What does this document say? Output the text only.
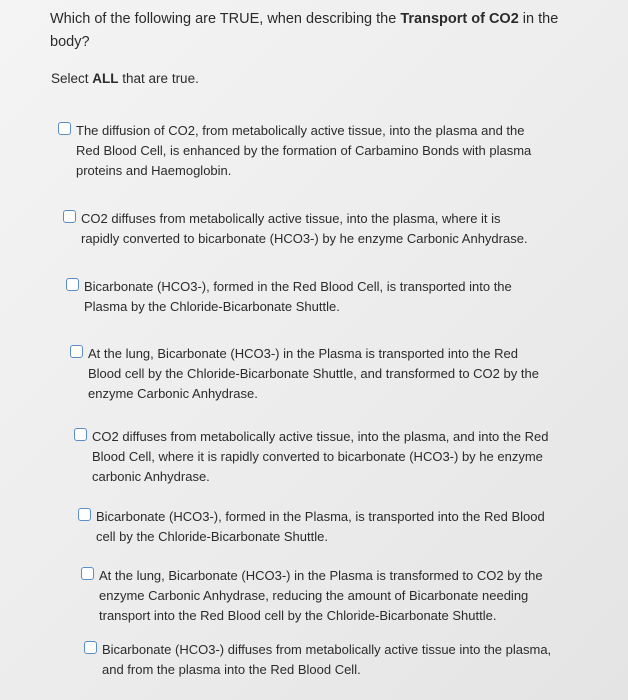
Which of the following are TRUE, when describing the Transport of CO2 in the
body?
Select ALL that are true.
The diffusion of CO2, from metabolically active tissue, into the plasma and the
Red Blood Cell, is enhanced by the formation of Carbamino Bonds with plasma
proteins and Haemoglobin.
CO2 diffuses from metabolically active tissue, into the plasma, where it is
rapidly converted to bicarbonate (HCO3-) by he enzyme Carbonic Anhydrase.
Bicarbonate (HCO3-), formed in the Red Blood Cell, is transported into the
Plasma by the Chloride-Bicarbonate Shuttle.
At the lung, Bicarbonate (HCO3-) in the Plasma is transported into the Red
Blood cell by the Chloride-Bicarbonate Shuttle, and transformed to CO2 by the
enzyme Carbonic Anhydrase.
CO2 diffuses from metabolically active tissue, into the plasma, and into the Red
Blood Cell, where it is rapidly converted to bicarbonate (HCO3-) by he enzyme
carbonic Anhydrase.
Bicarbonate (HCO3-), formed in the Plasma, is transported into the Red Blood
cell by the Chloride-Bicarbonate Shuttle.
At the lung, Bicarbonate (HCO3-) in the Plasma is transformed to CO2 by the
enzyme Carbonic Anhydrase, reducing the amount of Bicarbonate needing
transport into the Red Blood cell by the Chloride-Bicarbonate Shuttle.
Bicarbonate (HCO3-) diffuses from metabolically active tissue into the plasma,
and from the plasma into the Red Blood Cell.
